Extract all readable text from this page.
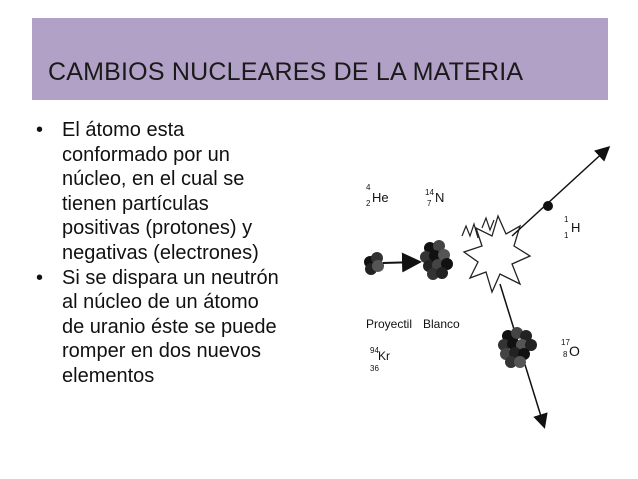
CAMBIOS NUCLEARES DE LA MATERIA
• El átomo esta
conformado por un
núcleo, en el cual se
tienen partículas
positivas (protones) y
negativas (electrones)
• Si se dispara un neutrón
al núcleo de un átomo
de uranio éste se puede
romper en dos nuevos
elementos
He
4
2	N
14
7
H
1
1
O
17
8
Proyectil Blanco
Kr
94
36
